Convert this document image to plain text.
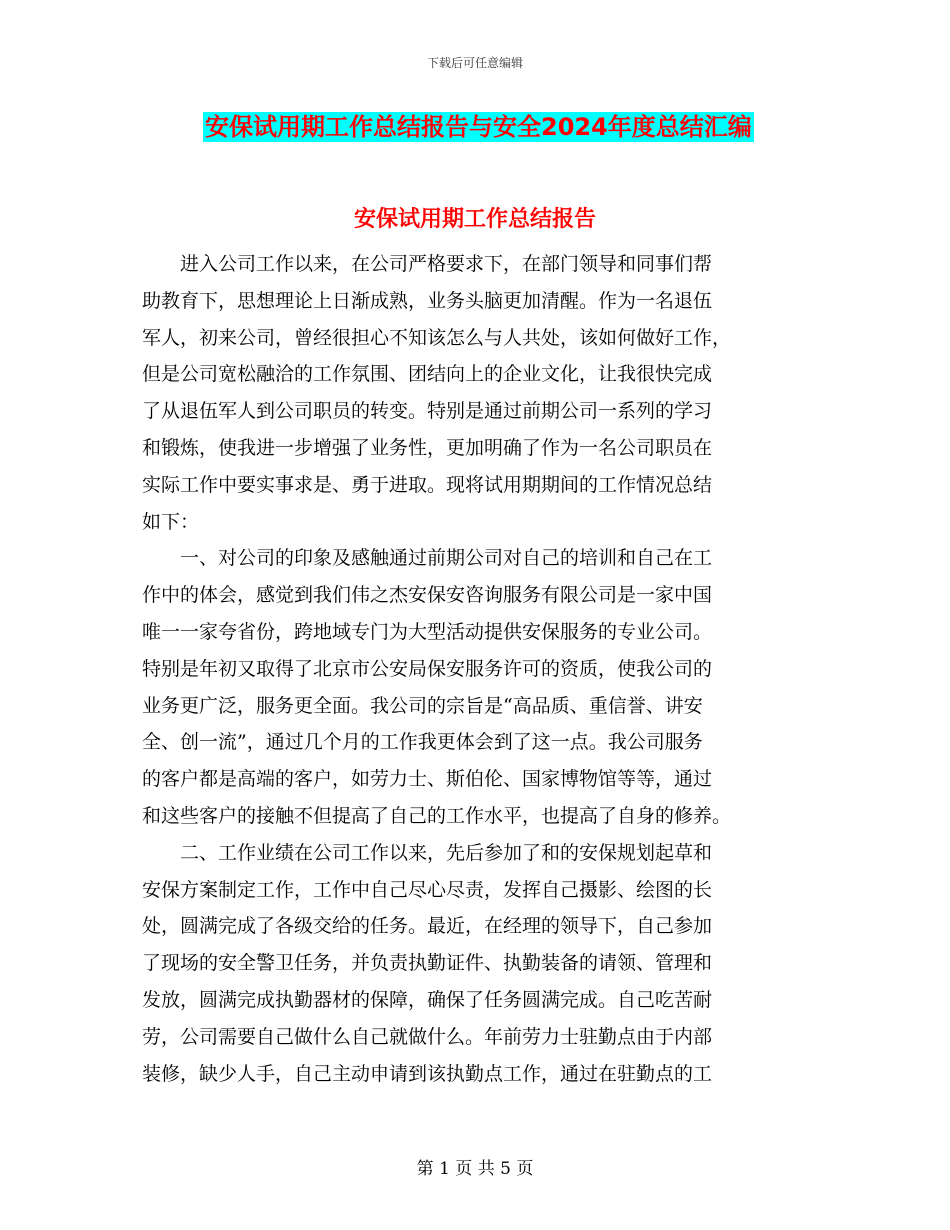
下载后可任意编辑
安保试用期工作总结报告与安全2024年度总结汇编
安保试用期工作总结报告
进入公司工作以来，在公司严格要求下，在部门领导和同事们帮
助教育下，思想理论上日渐成熟，业务头脑更加清醒。作为一名退伍
军人，初来公司，曾经很担心不知该怎么与人共处，该如何做好工作，
但是公司宽松融洽的工作氛围、团结向上的企业文化，让我很快完成
了从退伍军人到公司职员的转变。特别是通过前期公司一系列的学习
和锻炼，使我进一步增强了业务性，更加明确了作为一名公司职员在
实际工作中要实事求是、勇于进取。现将试用期期间的工作情况总结
如下：
一、对公司的印象及感触通过前期公司对自己的培训和自己在工
作中的体会，感觉到我们伟之杰安保安咨询服务有限公司是一家中国
唯一一家夸省份，跨地域专门为大型活动提供安保服务的专业公司。
特别是年初又取得了北京市公安局保安服务许可的资质，使我公司的
业务更广泛，服务更全面。我公司的宗旨是“高品质、重信誉、讲安
全、创一流”，通过几个月的工作我更体会到了这一点。我公司服务
的客户都是高端的客户，如劳力士、斯伯伦、国家博物馆等等，通过
和这些客户的接触不但提高了自己的工作水平，也提高了自身的修养。
二、工作业绩在公司工作以来，先后参加了和的安保规划起草和
安保方案制定工作，工作中自己尽心尽责，发挥自己摄影、绘图的长
处，圆满完成了各级交给的任务。最近，在经理的领导下，自己参加
了现场的安全警卫任务，并负责执勤证件、执勤装备的请领、管理和
发放，圆满完成执勤器材的保障，确保了任务圆满完成。自己吃苦耐
劳，公司需要自己做什么自己就做什么。年前劳力士驻勤点由于内部
装修，缺少人手，自己主动申请到该执勤点工作，通过在驻勤点的工
第 1 页 共 5 页
